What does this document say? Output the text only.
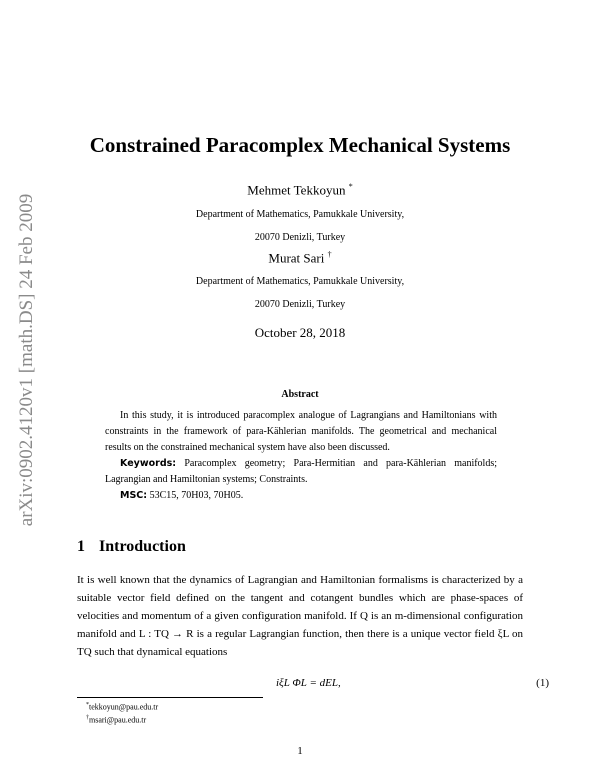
arXiv:0902.4120v1 [math.DS] 24 Feb 2009
Constrained Paracomplex Mechanical Systems
Mehmet Tekkoyun *
Department of Mathematics, Pamukkale University,
20070 Denizli, Turkey
Murat Sari †
Department of Mathematics, Pamukkale University,
20070 Denizli, Turkey
October 28, 2018
Abstract

In this study, it is introduced paracomplex analogue of Lagrangians and Hamiltonians with constraints in the framework of para-Kählerian manifolds. The geometrical and mechanical results on the constrained mechanical system have also been discussed.

Keywords: Paracomplex geometry; Para-Hermitian and para-Kählerian manifolds; Lagrangian and Hamiltonian systems; Constraints.

MSC: 53C15, 70H03, 70H05.

1 Introduction

It is well known that the dynamics of Lagrangian and Hamiltonian formalisms is characterized by a suitable vector field defined on the tangent and cotangent bundles which are phase-spaces of velocities and momentum of a given configuration manifold. If Q is an m-dimensional configuration manifold and L : TQ → R is a regular Lagrangian function, then there is a unique vector field ξL on TQ such that dynamical equations

iξL ΦL = dEL,	(1)
*tekkoyun@pau.edu.tr
†msari@pau.edu.tr
1
